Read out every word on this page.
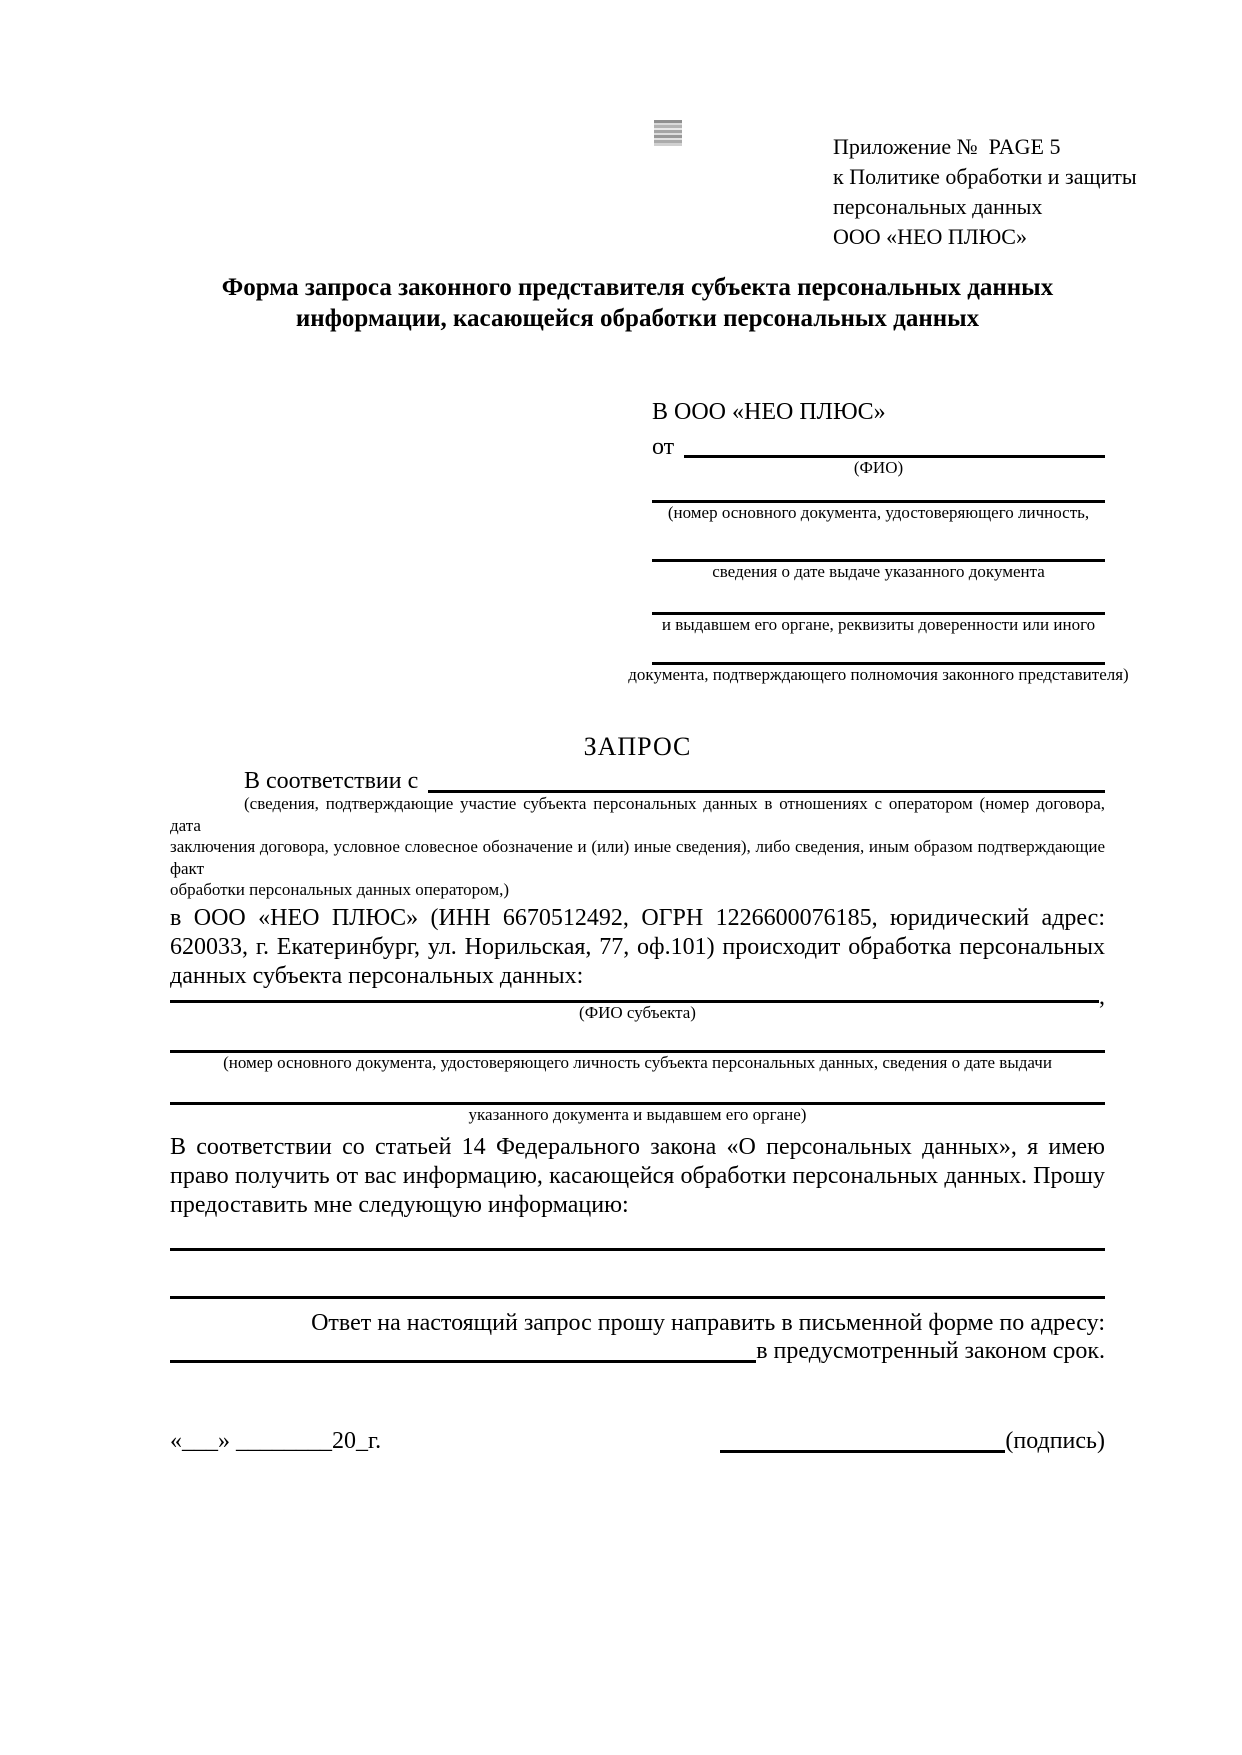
Приложение №  PAGE 5
к Политике обработки и защиты
персональных данных
ООО «НЕО ПЛЮС»
Форма запроса законного представителя субъекта персональных данных
информации, касающейся обработки персональных данных
В ООО «НЕО ПЛЮС»
от
(ФИО)
(номер основного документа, удостоверяющего личность,
сведения о дате выдаче указанного документа
и выдавшем его органе, реквизиты доверенности или иного
документа, подтверждающего полномочия законного представителя)
ЗАПРОС
В соответствии с
(сведения, подтверждающие участие субъекта персональных данных в отношениях с оператором (номер договора, дата
заключения договора, условное словесное обозначение и (или) иные сведения), либо сведения, иным образом подтверждающие факт
обработки персональных данных оператором,)
в ООО «НЕО ПЛЮС» (ИНН 6670512492, ОГРН 1226600076185, юридический адрес:
620033, г. Екатеринбург, ул. Норильская, 77, оф.101) происходит обработка персональных
данных субъекта персональных данных:
,
(ФИО субъекта)
(номер основного документа, удостоверяющего личность субъекта персональных данных, сведения о дате выдачи
указанного документа и выдавшем его органе)
В соответствии со статьей 14 Федерального закона «О персональных данных», я имею
право получить от вас информацию, касающейся обработки персональных данных. Прошу
предоставить мне следующую информацию:
Ответ на настоящий запрос прошу направить в письменной форме по адресу:
в предусмотренный законом срок.
«___» ________20_г.	(подпись)
